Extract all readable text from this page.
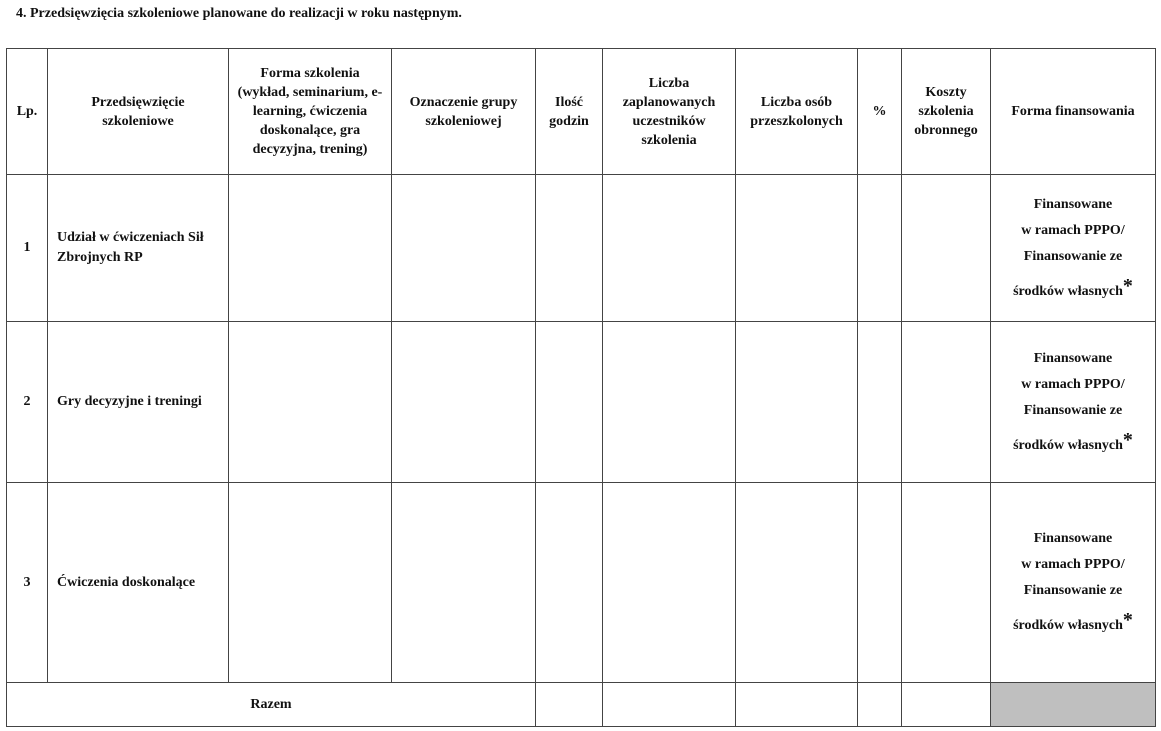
4. Przedsięwzięcia szkoleniowe planowane do realizacji w roku następnym.
Lp.	Przedsięwzięcie szkoleniowe	Forma szkolenia (wykład, seminarium, e-learning, ćwiczenia doskonalące, gra decyzyjna, trening)	Oznaczenie grupy szkoleniowej	Ilość godzin	Liczba zaplanowanych uczestników szkolenia	Liczba osób przeszkolonych	%	Koszty szkolenia obronnego	Forma finansowania
1	Udział w ćwiczeniach Sił Zbrojnych RP								Finansowane
w ramach PPPO/
Finansowanie ze
środków własnych*

2	Gry decyzyjne i treningi								Finansowane
w ramach PPPO/
Finansowanie ze
środków własnych*

3	Ćwiczenia doskonalące								Finansowane
w ramach PPPO/
Finansowanie ze
środków własnych*

Razem									
